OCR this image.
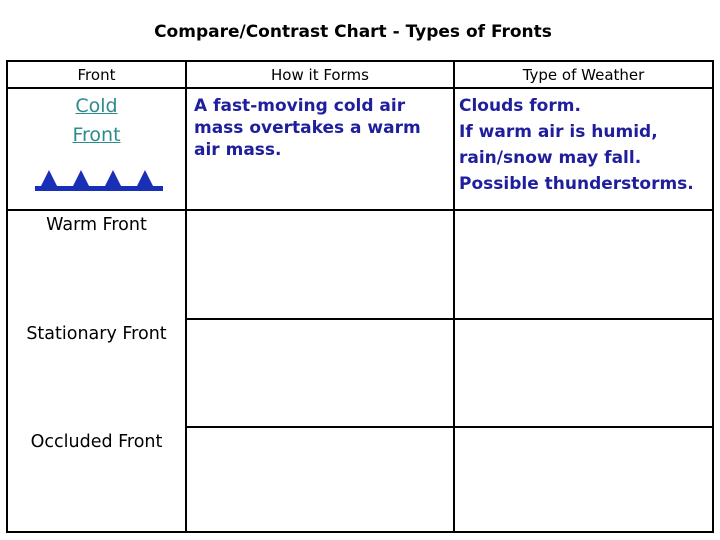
Compare/Contrast Chart - Types of Fronts
Front	How it Forms	Type of Weather
Cold
Front
A fast-moving cold air mass overtakes a warm air mass.
Clouds form.
If warm air is humid,
rain/snow may fall.
Possible thunderstorms.
Warm Front
Stationary Front
Occluded Front
